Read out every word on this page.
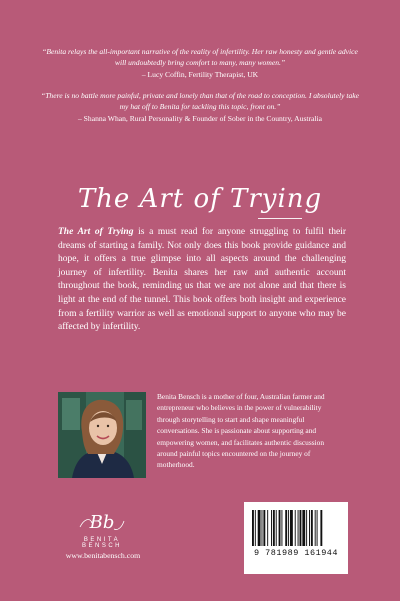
“Benita relays the all-important narrative of the reality of infertility. Her raw honesty and gentle advice will undoubtedly bring comfort to many, many women.”
– Lucy Coffin, Fertility Therapist, UK
“There is no battle more painful, private and lonely than that of the road to conception. I absolutely take my hat off to Benita for tackling this topic, front on.”
– Shanna Whan, Rural Personality & Founder of Sober in the Country, Australia
The Art of Trying

The Art of Trying is a must read for anyone struggling to fulfil their dreams of starting a family. Not only does this book provide guidance and hope, it offers a true glimpse into all aspects around the challenging journey of infertility. Benita shares her raw and authentic account throughout the book, reminding us that we are not alone and that there is light at the end of the tunnel. This book offers both insight and experience from a fertility warrior as well as emotional support to anyone who may be affected by infertility.

Benita Bensch is a mother of four, Australian farmer and entrepreneur who believes in the power of vulnerability through storytelling to start and shape meaningful conversations. She is passionate about supporting and empowering women, and facilitates authentic discussion around painful topics encountered on the journey of motherhood.

Bb
BENITA BENSCH
www.benitabensch.com	9 781989 161944
